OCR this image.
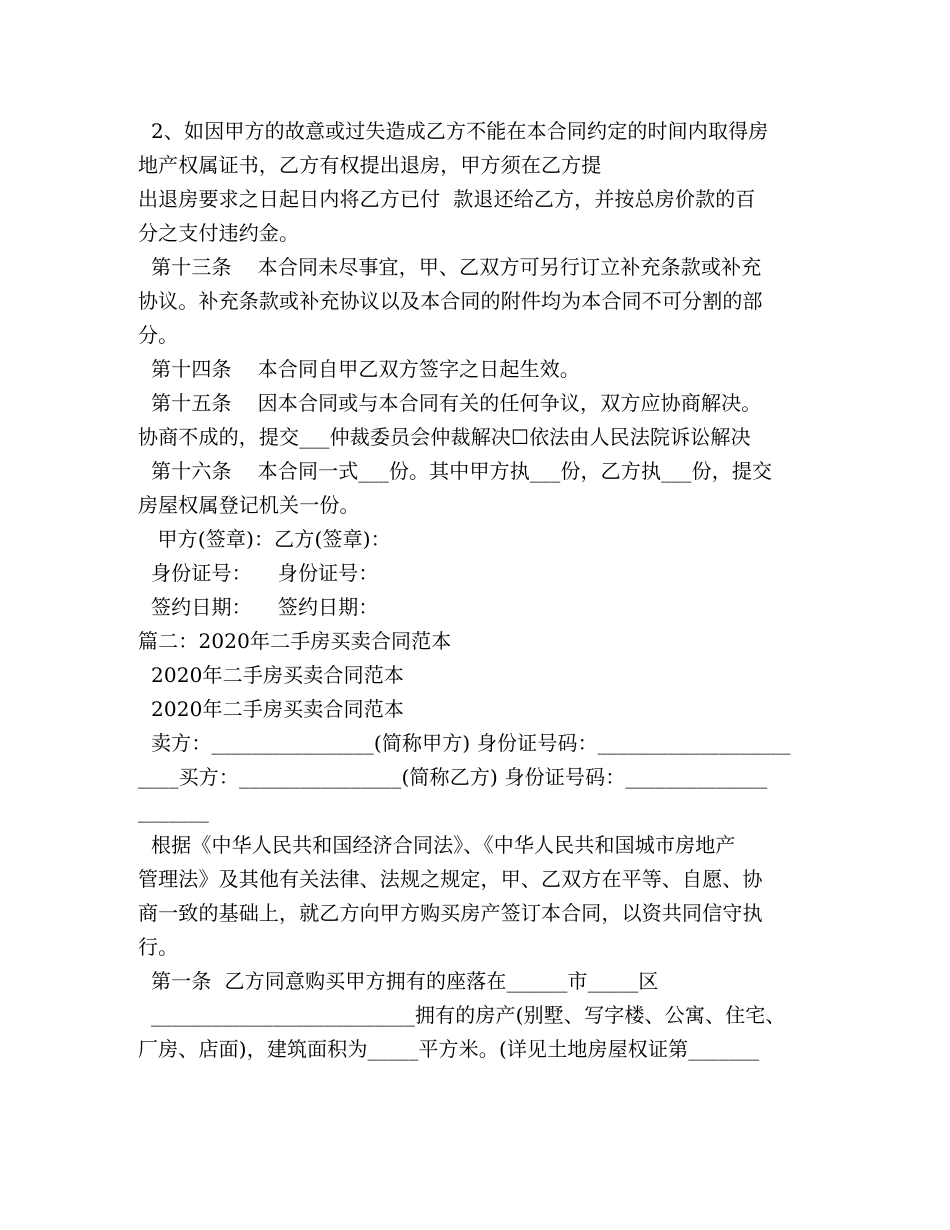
2、如因甲方的故意或过失造成乙方不能在本合同约定的时间内取得房
地产权属证书，乙方有权提出退房，甲方须在乙方提
出退房要求之日起日内将乙方已付  款退还给乙方，并按总房价款的百
分之支付违约金。
第十三条    本合同未尽事宜，甲、乙双方可另行订立补充条款或补充
协议。补充条款或补充协议以及本合同的附件均为本合同不可分割的部
分。
第十四条    本合同自甲乙双方签字之日起生效。
第十五条    因本合同或与本合同有关的任何争议，双方应协商解决。
协商不成的，提交___仲裁委员会仲裁解决☐依法由人民法院诉讼解决
第十六条    本合同一式___份。其中甲方执___份，乙方执___份，提交
房屋权属登记机关一份。
甲方(签章)：乙方(签章)：
身份证号：    身份证号：
签约日期：    签约日期：
篇二：2020年二手房买卖合同范本
2020年二手房买卖合同范本
2020年二手房买卖合同范本
卖方：________________(简称甲方) 身份证号码：___________________
____买方：________________(简称乙方) 身份证号码：______________
_______
根据《中华人民共和国经济合同法》、《中华人民共和国城市房地产
管理法》及其他有关法律、法规之规定，甲、乙双方在平等、自愿、协
商一致的基础上，就乙方向甲方购买房产签订本合同，以资共同信守执
行。
第一条  乙方同意购买甲方拥有的座落在______市_____区
__________________________拥有的房产(别墅、写字楼、公寓、住宅、
厂房、店面)，建筑面积为_____平方米。(详见土地房屋权证第_______
